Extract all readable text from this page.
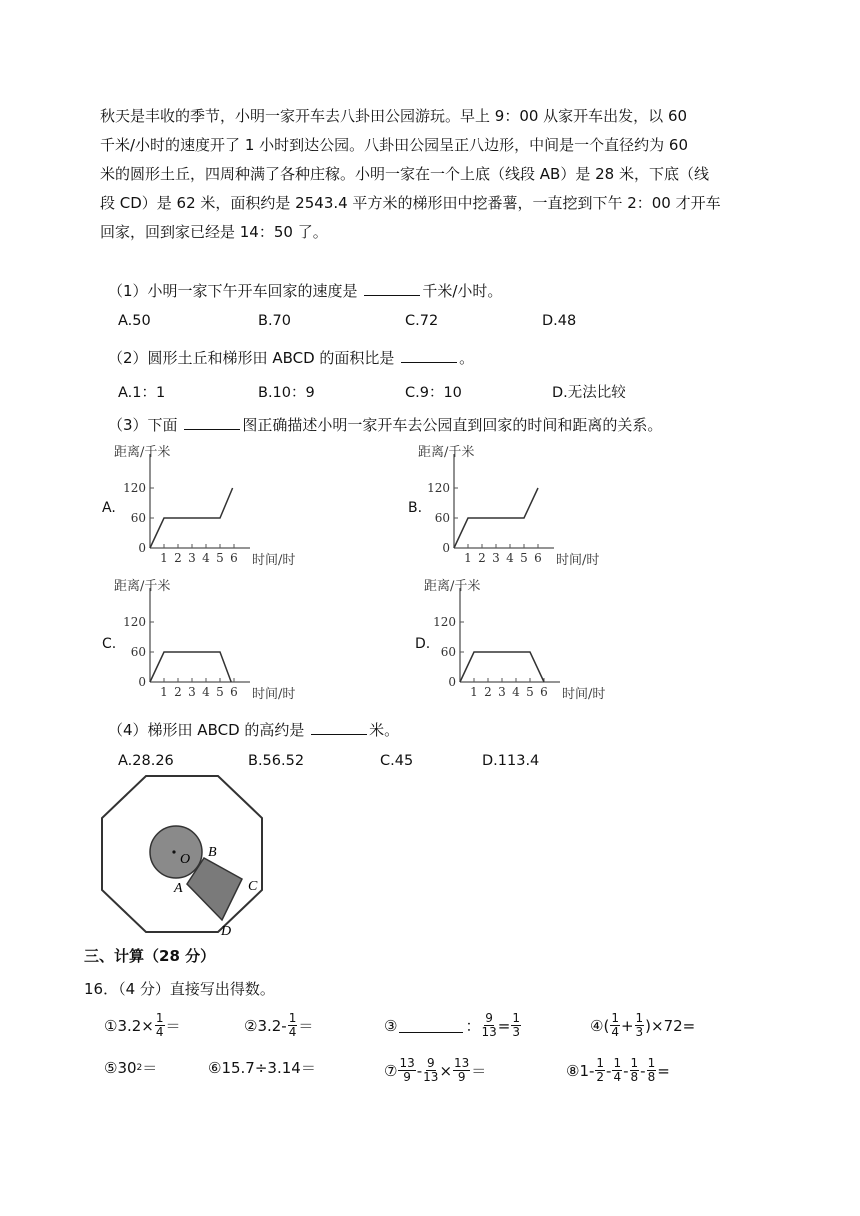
秋天是丰收的季节，小明一家开车去八卦田公园游玩。早上 9：00 从家开车出发，以 60
千米/小时的速度开了 1 小时到达公园。八卦田公园呈正八边形，中间是一个直径约为 60
米的圆形土丘，四周种满了各种庄稼。小明一家在一个上底（线段 AB）是 28 米，下底（线
段 CD）是 62 米，面积约是 2543.4 平方米的梯形田中挖番薯，一直挖到下午 2：00 才开车
回家，回到家已经是 14：50 了。
（1）小明一家下午开车回家的速度是	千米/小时。
A.50	B.70	C.72	D.48
（2）圆形土丘和梯形田 ABCD 的面积比是	。
A.1：1	B.10：9	C.9：10	D.无法比较
（3）下面	图正确描述小明一家开车去公园直到回家的时间和距离的关系。
A.	B.
C.	D.
距离/千米
时间/时
0
60
120
1 2 3 4 5 6
距离/千米
时间/时
0
60
120
1 2 3 4 5 6
距离/千米
时间/时
0
60
120
1 2 3 4 5 6
距离/千米
时间/时
0
60
120
1 2 3 4 5 6
（4）梯形田 ABCD 的高约是	米。
A.28.26	B.56.52	C.45	D.113.4
O B
A	C
D
三、计算（28 分）
16．（4 分）直接写出得数。
①3.2× $\frac{1}{4}$ ＝	②3.2- $\frac{1}{4}$ ＝	③	： $\frac{9}{13} = \frac{1}{3}$	④( $\frac{1}{4} + \frac{1}{3} )\times 72=$
⑤30 2 ＝	⑥15.7÷3.14＝	⑦ $\frac{13}{9} - \frac{9}{13} \times \frac{13}{9}$ ＝	⑧1- $\frac{1}{2} - \frac{1}{4} - \frac{1}{8} - \frac{1}{8}$ =
